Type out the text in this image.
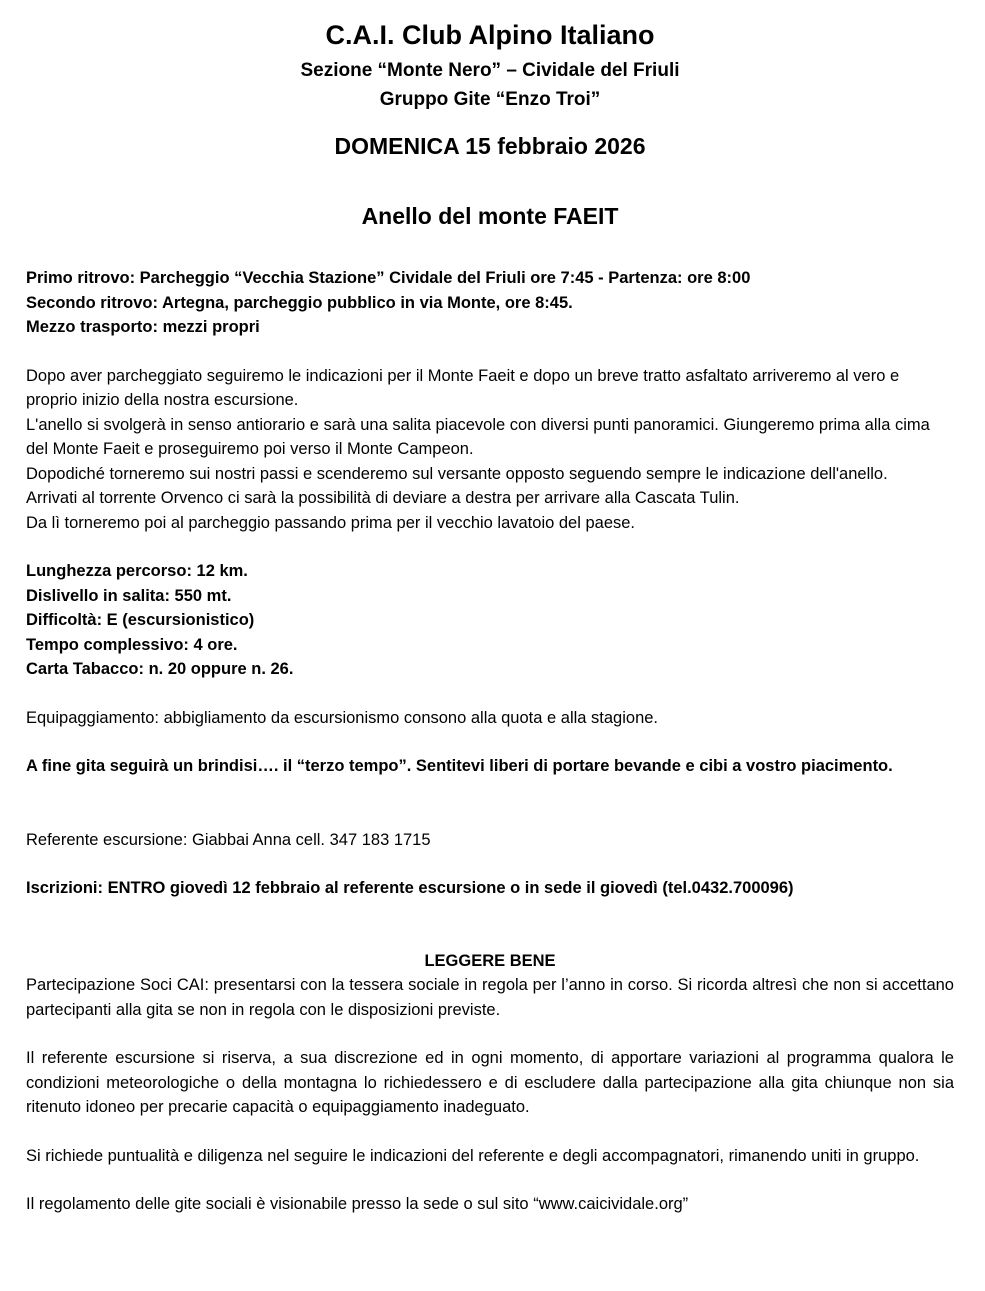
C.A.I. Club Alpino Italiano

Sezione “Monte Nero” – Cividale del Friuli

Gruppo Gite “Enzo Troi”

DOMENICA 15 febbraio 2026

Anello del monte FAEIT

Primo ritrovo: Parcheggio “Vecchia Stazione” Cividale del Friuli ore 7:45 - Partenza: ore 8:00
Secondo ritrovo: Artegna, parcheggio pubblico in via Monte, ore 8:45.
Mezzo trasporto: mezzi propri
Dopo aver parcheggiato seguiremo le indicazioni per il Monte Faeit e dopo un breve tratto asfaltato arriveremo al vero e proprio inizio della nostra escursione.
L'anello si svolgerà in senso antiorario e sarà una salita piacevole con diversi punti panoramici. Giungeremo prima alla cima del Monte Faeit e proseguiremo poi verso il Monte Campeon.
Dopodiché torneremo sui nostri passi e scenderemo sul versante opposto seguendo sempre le indicazione dell'anello.
Arrivati al torrente Orvenco ci sarà la possibilità di deviare a destra per arrivare alla Cascata Tulin.
Da lì torneremo poi al parcheggio passando prima per il vecchio lavatoio del paese.
Lunghezza percorso: 12 km.
Dislivello in salita: 550 mt.
Difficoltà: E (escursionistico)
Tempo complessivo: 4 ore.
Carta Tabacco: n. 20 oppure n. 26.

Equipaggiamento: abbigliamento da escursionismo consono alla quota e alla stagione.

A fine gita seguirà un brindisi…. il “terzo tempo”. Sentitevi liberi di portare bevande e cibi a vostro piacimento.

Referente escursione: Giabbai Anna cell. 347 183 1715

Iscrizioni: ENTRO giovedì 12 febbraio al referente escursione o in sede il giovedì (tel.0432.700096)

LEGGERE BENE

Partecipazione Soci CAI: presentarsi con la tessera sociale in regola per l’anno in corso. Si ricorda altresì che non si accettano partecipanti alla gita se non in regola con le disposizioni previste.

Il referente escursione si riserva, a sua discrezione ed in ogni momento, di apportare variazioni al programma qualora le condizioni meteorologiche o della montagna lo richiedessero e di escludere dalla partecipazione alla gita chiunque non sia ritenuto idoneo per precarie capacità o equipaggiamento inadeguato.

Si richiede puntualità e diligenza nel seguire le indicazioni del referente e degli accompagnatori, rimanendo uniti in gruppo.

Il regolamento delle gite sociali è visionabile presso la sede o sul sito “www.caicividale.org”
